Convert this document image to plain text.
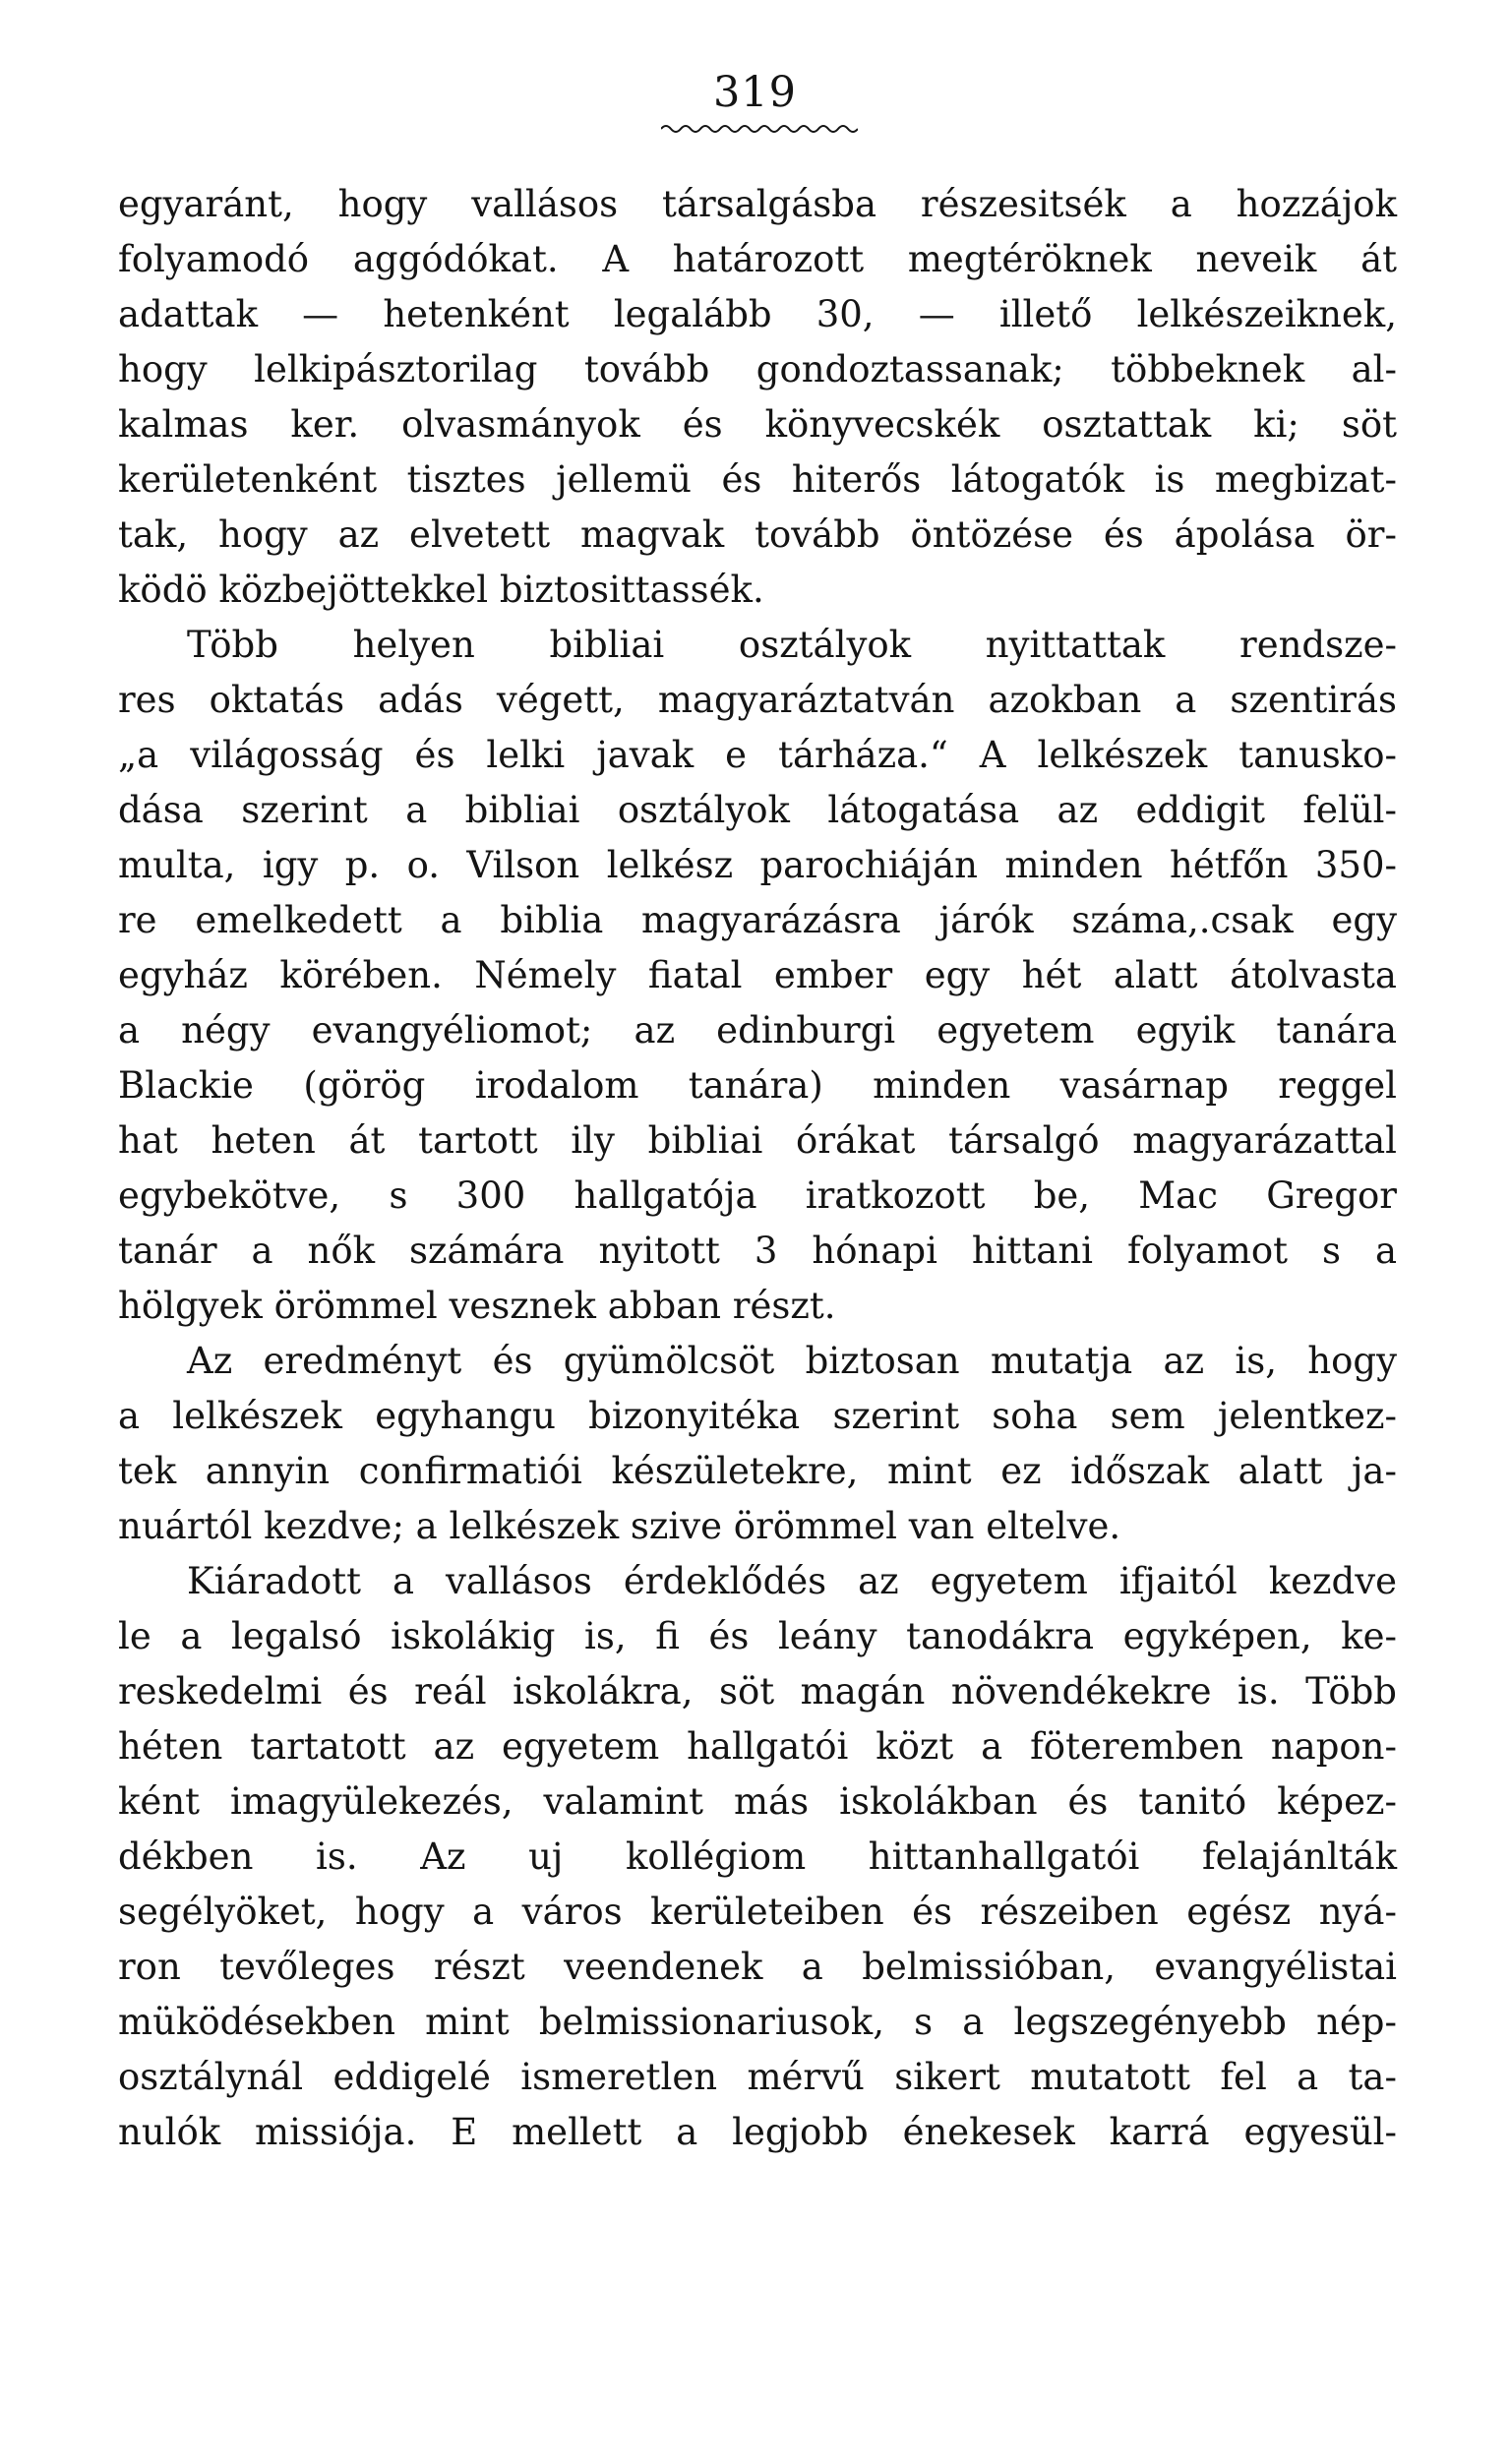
319
egyaránt, hogy vallásos társalgásba részesitsék a hozzájok
folyamodó aggódókat. A határozott megtéröknek neveik át
adattak — hetenként legalább 30, — illető lelkészeiknek,
hogy lelkipásztorilag tovább gondoztassanak; többeknek al-
kalmas ker. olvasmányok és könyvecskék osztattak ki; söt
kerületenként tisztes jellemü és hiterős látogatók is megbizat-
tak, hogy az elvetett magvak tovább öntözése és ápolása ör-
ködö közbejöttekkel biztosittassék.
Több helyen bibliai osztályok nyittattak rendsze-
res oktatás adás végett, magyaráztatván azokban a szentirás
„a világosság és lelki javak e tárháza.“ A lelkészek tanusko-
dása szerint a bibliai osztályok látogatása az eddigit felül-
multa, igy p. o. Vilson lelkész parochiáján minden hétfőn 350-
re emelkedett a biblia magyarázásra járók száma,.csak egy
egyház körében. Némely fiatal ember egy hét alatt átolvasta
a négy evangyéliomot; az edinburgi egyetem egyik tanára
Blackie (görög irodalom tanára) minden vasárnap reggel
hat heten át tartott ily bibliai órákat társalgó magyarázattal
egybekötve, s 300 hallgatója iratkozott be, Mac Gregor
tanár a nők számára nyitott 3 hónapi hittani folyamot s a
hölgyek örömmel vesznek abban részt.
Az eredményt és gyümölcsöt biztosan mutatja az is, hogy
a lelkészek egyhangu bizonyitéka szerint soha sem jelentkez-
tek annyin confirmatiói készületekre, mint ez időszak alatt ja-
nuártól kezdve; a lelkészek szive örömmel van eltelve.
Kiáradott a vallásos érdeklődés az egyetem ifjaitól kezdve
le a legalsó iskolákig is, fi és leány tanodákra egyképen, ke-
reskedelmi és reál iskolákra, söt magán növendékekre is. Több
héten tartatott az egyetem hallgatói közt a föteremben napon-
ként imagyülekezés, valamint más iskolákban és tanitó képez-
dékben is. Az uj kollégiom hittanhallgatói felajánlták
segélyöket, hogy a város kerületeiben és részeiben egész nyá-
ron tevőleges részt veendenek a belmissióban, evangyélistai
müködésekben mint belmissionariusok, s a legszegényebb nép-
osztálynál eddigelé ismeretlen mérvű sikert mutatott fel a ta-
nulók missiója. E mellett a legjobb énekesek karrá egyesül-
